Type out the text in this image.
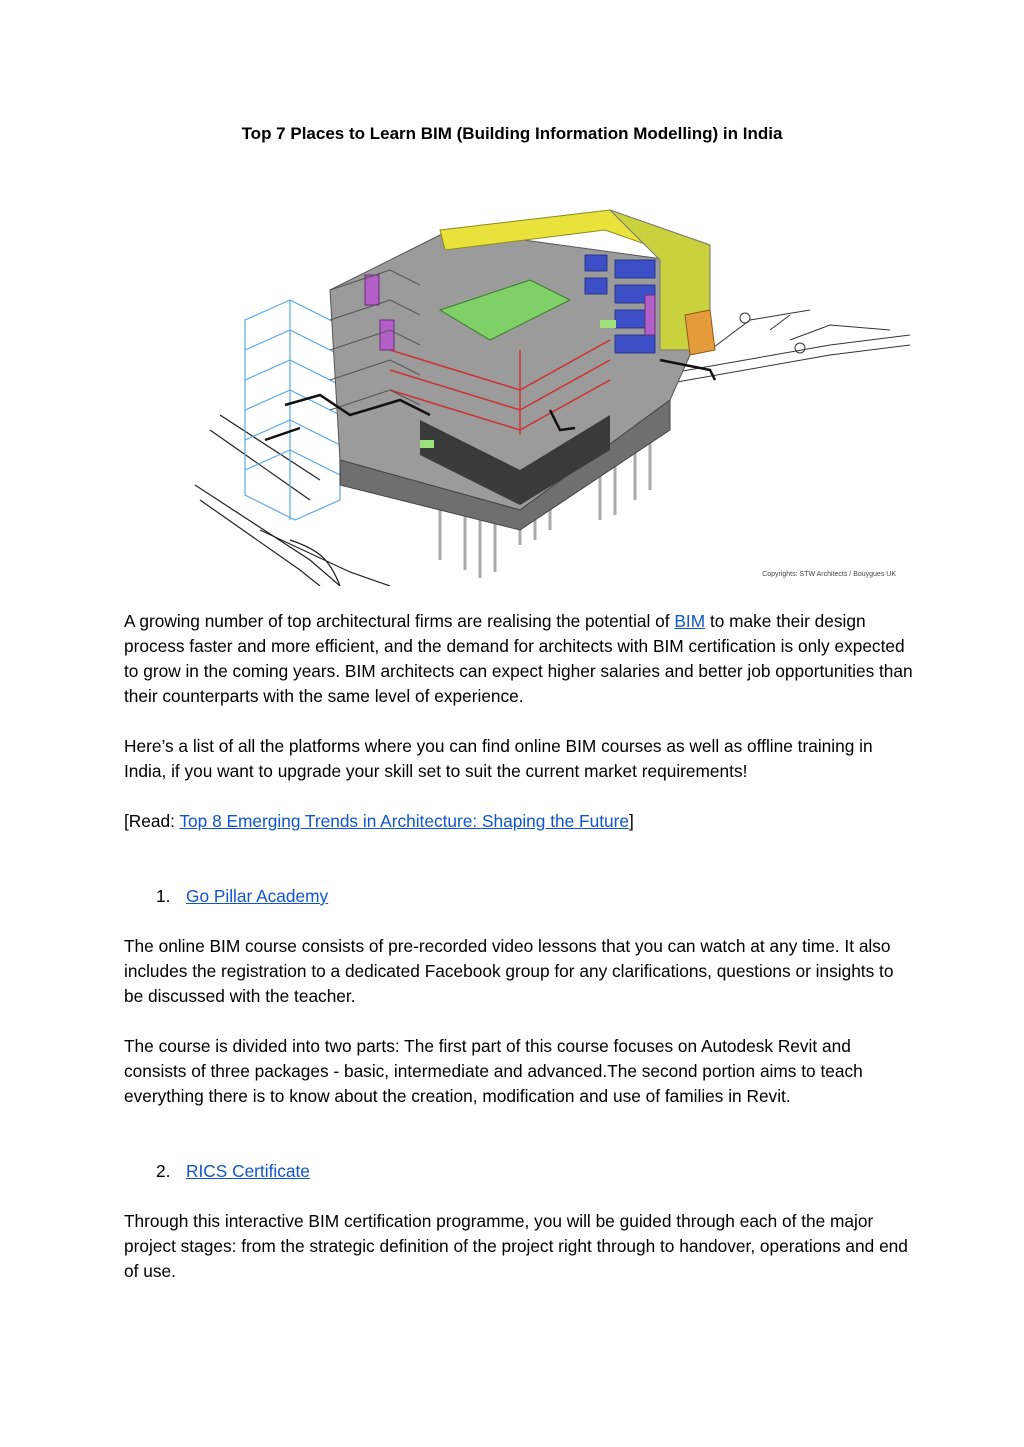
Top 7 Places to Learn BIM (Building Information Modelling) in India
Copyrights: STW Architects / Bouygues UK

A growing number of top architectural firms are realising the potential of BIM to make their design process faster and more efficient, and the demand for architects with BIM certification is only expected to grow in the coming years. BIM architects can expect higher salaries and better job opportunities than their counterparts with the same level of experience.

Here’s a list of all the platforms where you can find online BIM courses as well as offline training in India, if you want to upgrade your skill set to suit the current market requirements!

[Read: Top 8 Emerging Trends in Architecture: Shaping the Future]

1. Go Pillar Academy

The online BIM course consists of pre-recorded video lessons that you can watch at any time. It also includes the registration to a dedicated Facebook group for any clarifications, questions or insights to be discussed with the teacher.

The course is divided into two parts: The first part of this course focuses on Autodesk Revit and consists of three packages - basic, intermediate and advanced.The second portion aims to teach everything there is to know about the creation, modification and use of families in Revit.

2. RICS Certificate

Through this interactive BIM certification programme, you will be guided through each of the major project stages: from the strategic definition of the project right through to handover, operations and end of use.
